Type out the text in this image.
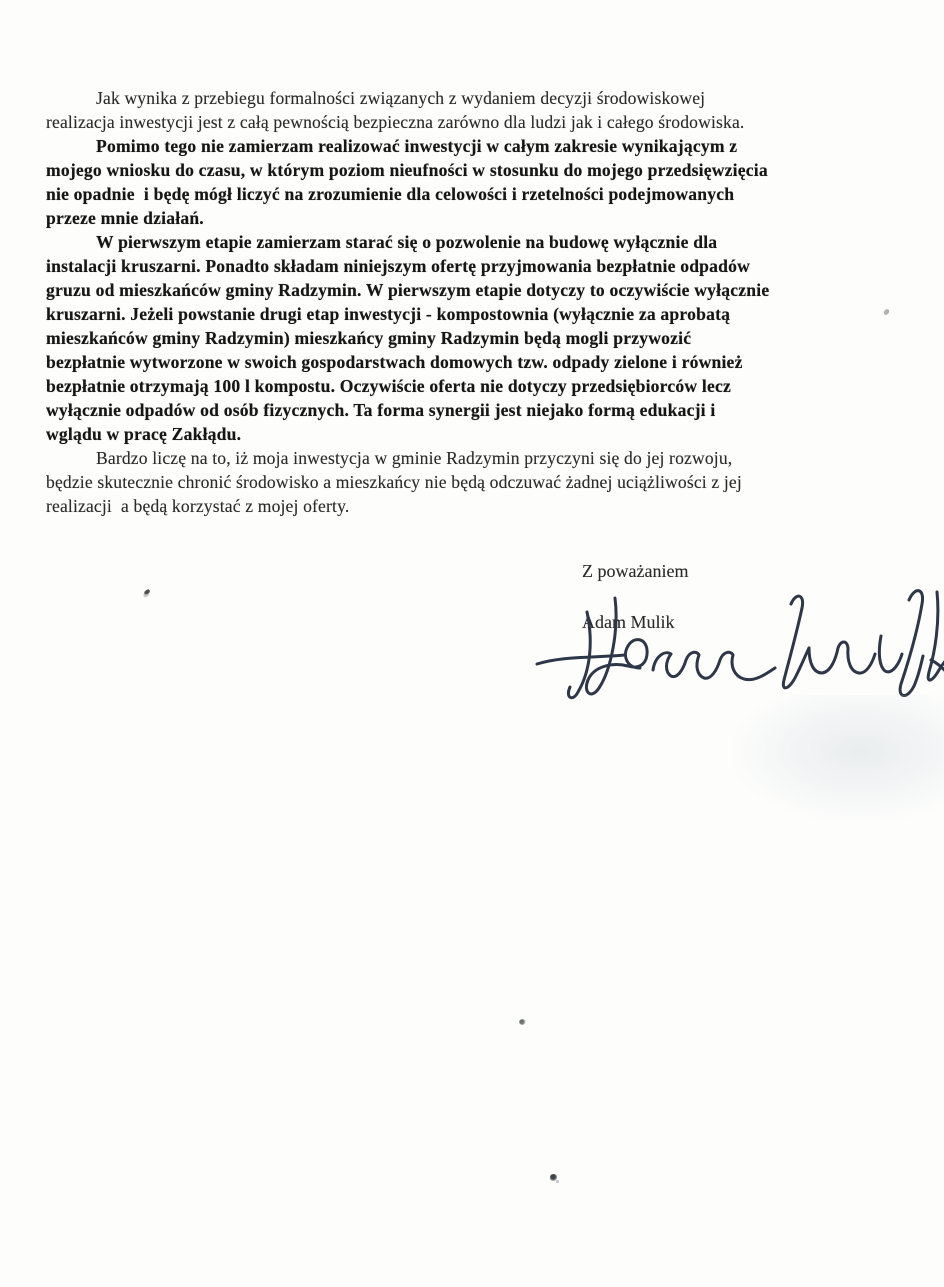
Jak wynika z przebiegu formalności związanych z wydaniem decyzji środowiskowej
realizacja inwestycji jest z całą pewnością bezpieczna zarówno dla ludzi jak i całego środowiska.
Pomimo tego nie zamierzam realizować inwestycji w całym zakresie wynikającym z
mojego wniosku do czasu, w którym poziom nieufności w stosunku do mojego przedsięwzięcia
nie opadnie  i będę mógł liczyć na zrozumienie dla celowości i rzetelności podejmowanych
przeze mnie działań.
W pierwszym etapie zamierzam starać się o pozwolenie na budowę wyłącznie dla
instalacji kruszarni. Ponadto składam niniejszym ofertę przyjmowania bezpłatnie odpadów
gruzu od mieszkańców gminy Radzymin. W pierwszym etapie dotyczy to oczywiście wyłącznie
kruszarni. Jeżeli powstanie drugi etap inwestycji - kompostownia (wyłącznie za aprobatą
mieszkańców gminy Radzymin) mieszkańcy gminy Radzymin będą mogli przywozić
bezpłatnie wytworzone w swoich gospodarstwach domowych tzw. odpady zielone i również
bezpłatnie otrzymają 100 l kompostu. Oczywiście oferta nie dotyczy przedsiębiorców lecz
wyłącznie odpadów od osób fizycznych. Ta forma synergii jest niejako formą edukacji i
wglądu w pracę Zakłądu.
Bardzo liczę na to, iż moja inwestycja w gminie Radzymin przyczyni się do jej rozwoju,
będzie skutecznie chronić środowisko a mieszkańcy nie będą odczuwać żadnej uciążliwości z jej
realizacji  a będą korzystać z mojej oferty.
Z poważaniem
Adam Mulik
